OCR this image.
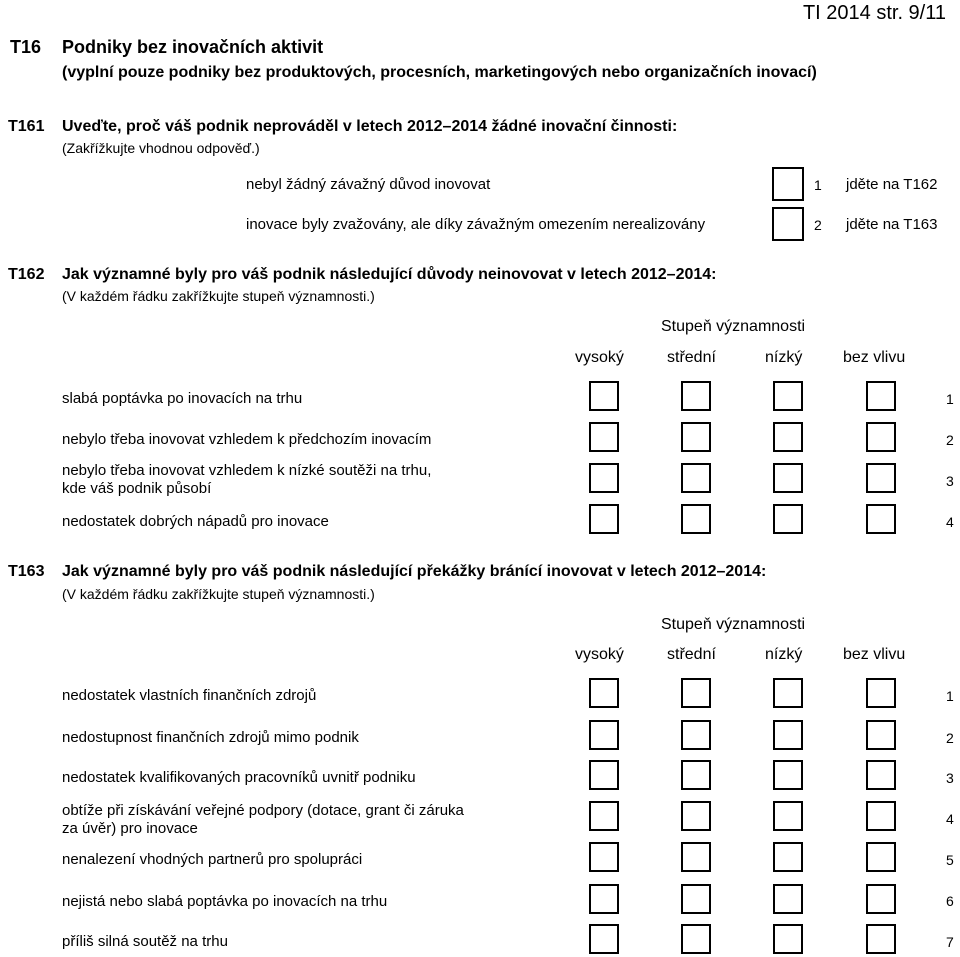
TI 2014 str. 9/11
T16 Podniky bez inovačních aktivit
(vyplní pouze podniky bez produktových, procesních, marketingových nebo organizačních inovací)
T161 Uveďte, proč váš podnik neprováděl v letech 2012–2014 žádné inovační činnosti:
(Zakřížkujte vhodnou odpověď.)
nebyl žádný závažný důvod inovovat	1 jděte na T162
inovace byly zvažovány, ale díky závažným omezením nerealizovány	2 jděte na T163
T162 Jak významné byly pro váš podnik následující důvody neinovovat v letech 2012–2014:
(V každém řádku zakřížkujte stupeň významnosti.)
Stupeň významnosti
vysoký	střední	nízký	bez vlivu
slabá poptávka po inovacích na trhu	1
nebylo třeba inovovat vzhledem k předchozím inovacím	2
nebylo třeba inovovat vzhledem k nízké soutěži na trhu,
kde váš podnik působí	3
nedostatek dobrých nápadů pro inovace	4
T163 Jak významné byly pro váš podnik následující překážky bránící inovovat v letech 2012–2014:
(V každém řádku zakřížkujte stupeň významnosti.)
Stupeň významnosti
vysoký	střední	nízký	bez vlivu
nedostatek vlastních finančních zdrojů	1
nedostupnost finančních zdrojů mimo podnik	2
nedostatek kvalifikovaných pracovníků uvnitř podniku	3
obtíže při získávání veřejné podpory (dotace, grant či záruka
za úvěr) pro inovace
4
nenalezení vhodných partnerů pro spolupráci	5
nejistá nebo slabá poptávka po inovacích na trhu	6
příliš silná soutěž na trhu	7
